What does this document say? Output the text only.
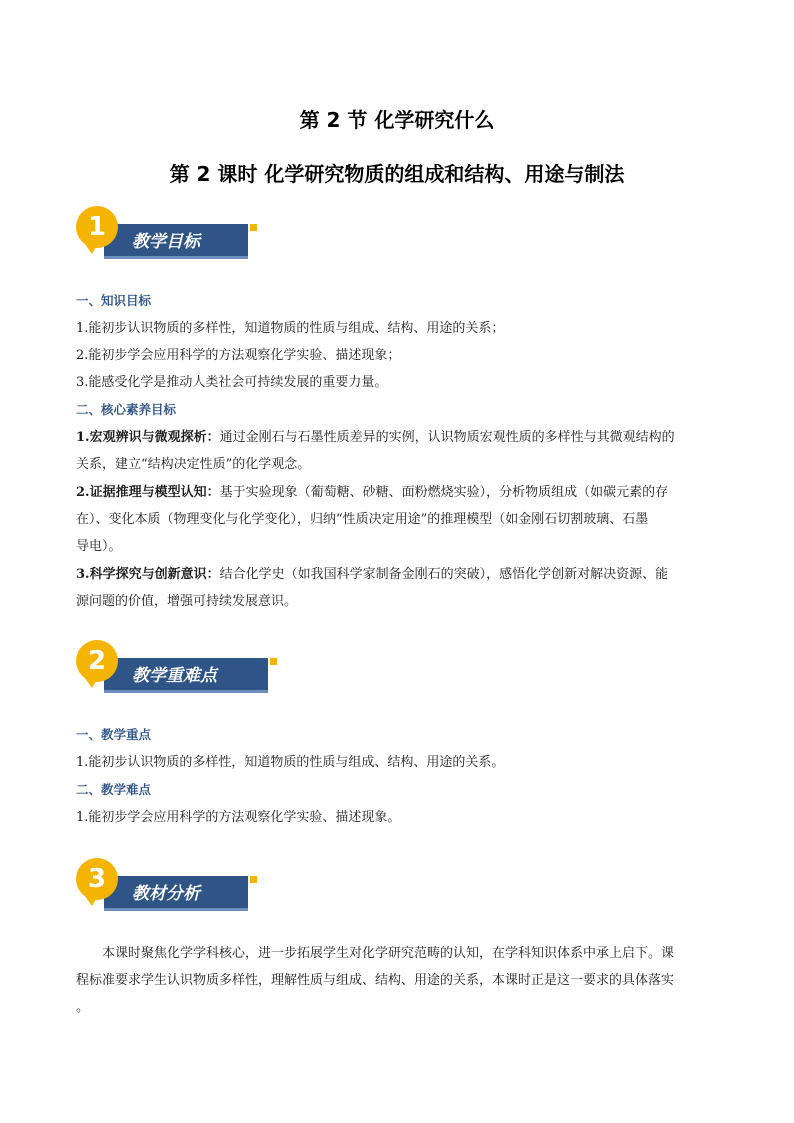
第 2 节 化学研究什么
第 2 课时 化学研究物质的组成和结构、用途与制法
1	教学目标
一、知识目标
1.能初步认识物质的多样性，知道物质的性质与组成、结构、用途的关系；
2.能初步学会应用科学的方法观察化学实验、描述现象；
3.能感受化学是推动人类社会可持续发展的重要力量。
二、核心素养目标
1.宏观辨识与微观探析：通过金刚石与石墨性质差异的实例，认识物质宏观性质的多样性与其微观结构的
关系，建立“结构决定性质”的化学观念。
2.证据推理与模型认知：基于实验现象（葡萄糖、砂糖、面粉燃烧实验），分析物质组成（如碳元素的存
在）、变化本质（物理变化与化学变化），归纳“性质决定用途”的推理模型（如金刚石切割玻璃、石墨
导电）。
3.科学探究与创新意识：结合化学史（如我国科学家制备金刚石的突破），感悟化学创新对解决资源、能
源问题的价值，增强可持续发展意识。
2	教学重难点
一、教学重点
1.能初步认识物质的多样性，知道物质的性质与组成、结构、用途的关系。
二、教学难点
1.能初步学会应用科学的方法观察化学实验、描述现象。
3	教材分析
本课时聚焦化学学科核心，进一步拓展学生对化学研究范畴的认知，在学科知识体系中承上启下。课
程标准要求学生认识物质多样性，理解性质与组成、结构、用途的关系，本课时正是这一要求的具体落实
。
